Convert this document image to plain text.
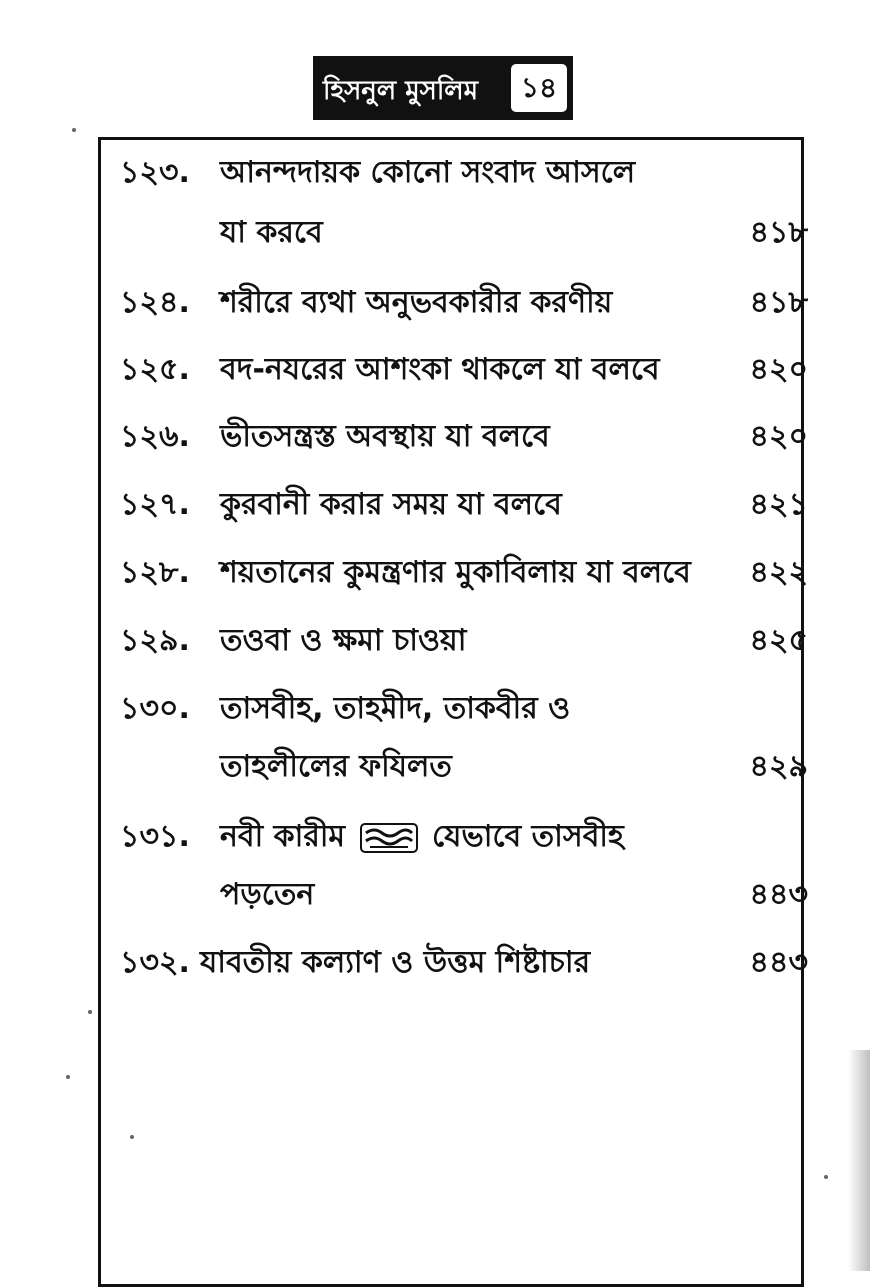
হিসনুল মুসলিম	১৪
১২৩. আনন্দদায়ক কোনো সংবাদ আসলে
যা করবে	৪১৮
১২৪. শরীরে ব্যথা অনুভবকারীর করণীয়	৪১৮
১২৫. বদ-নযরের আশংকা থাকলে যা বলবে	৪২০
১২৬. ভীতসন্ত্রস্ত অবস্থায় যা বলবে	৪২০
১২৭. কুরবানী করার সময় যা বলবে	৪২১
১২৮. শয়তানের কুমন্ত্রণার মুকাবিলায় যা বলবে ৪২২
১২৯. তওবা ও ক্ষমা চাওয়া	৪২৫
১৩০. তাসবীহ, তাহমীদ, তাকবীর ও
তাহলীলের ফযিলত	৪২৯
১৩১. নবী কারীম	যেভাবে তাসবীহ
পড়তেন	৪৪৩
১৩২. যাবতীয় কল্যাণ ও উত্তম শিষ্টাচার	৪৪৩
